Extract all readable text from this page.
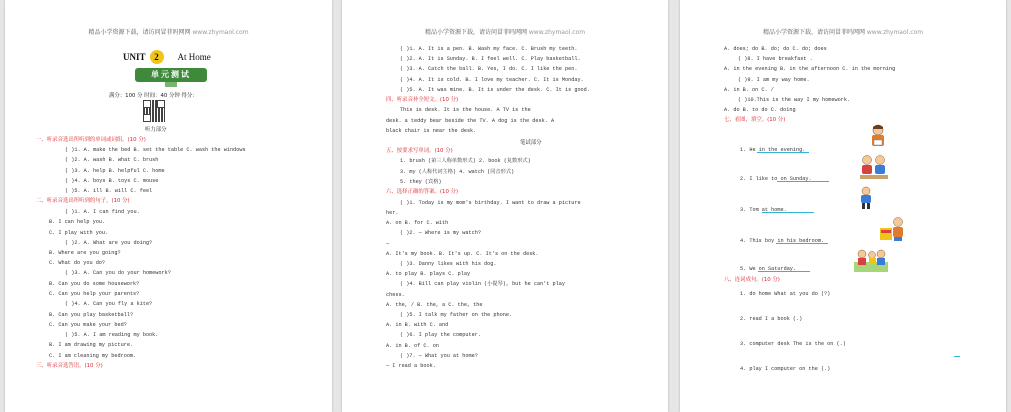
精品小学资源下载，请访问冒菲吗网网 www.zhymaol.com
UNIT 2 At Home
单元测试
满分：100 分 时间：40 分钟 得分：
听力部分
一、听录音选出所听到的单词或词组。(10 分)
( )1. A. make the bed B. set the table C. wash the windows
( )2. A. wash B. what C. brush
( )3. A. help B. helpful C. home
( )4. A. boys B. toys C. mouse
( )5. A. ill B. will C. feel
二、听录音选出所听到的句子。(10 分)
( )1. A. I can find you.
B. I can help you.
C. I play with you.
( )2. A. What are you doing?
B. Where are you going?
C. What do you do?
( )3. A. Can you do your homework?
B. Can you do some housework?
C. Can you help your parents?
( )4. A. Can you fly a kite?
B. Can you play basketball?
C. Can you make your bed?
( )5. A. I am reading my book.
B. I am drawing my picture.
C. I am cleaning my bedroom.
三、听录音选答语。(10 分)
精品小学资源下载，请访问冒菲吗网网 www.zhymaol.com
( )1. A. It is a pen. B. Wash my face. C. Brush my teeth.
( )2. A. It is Sunday. B. I feel well. C. Play basketball.
( )3. A. Catch the ball. B. Yes, I do. C. I like the pen.
( )4. A. It is cold. B. I love my teacher. C. It is Monday.
( )5. A. It was mine. B. It is under the desk. C. It is good.
四、听录音补全短文。(10 分)
This is desk. It is the house. A TV is the
desk. a teddy bear beside the TV. A dog is the desk. A
black chair is near the desk.
笔试部分
五、按要求写单词。(10 分)
1. brush (第三人称单数形式) 2. book (复数形式)
3. my (人称代词主格) 4. watch (同音形式)
5. they (宾格)
六、选择正确的答案。(10 分)
( )1. Today is my mom's birthday. I want to draw a picture
her.
A. on B. for C. with
( )2. — Where is my watch?
—
A. It's my book. B. It's up. C. It's on the desk.
( )3. Danny likes with his dog.
A. to play B. plays C. play
( )4. Bill can play violin (小提琴), but he can't play
chess.
A. the, / B. the, a C. the, the
( )5. I talk my father on the phone.
A. in B. with C. and
( )6. I play the computer.
A. in B. of C. on
( )7. — What you at home?
— I read a book.
精品小学资源下载，请访问冒菲吗网网 www.zhymaol.com
A. does; do B. do; do C. do; does
( )8. I have breakfast .
A. in the evening B. in the afternoon C. in the morning
( )9. I am my way home.
A. in B. on C. /
( )10.This is the way I my homework.
A. do B. to do C. doing
七、看图，填空。(10 分)
1. He in the evening.
2. I like to on Sunday.
3. Tom at home.
4. This boy in his bedroom.
5. We on Saturday.
八、连词成句。(10 分)
1. do home What at you do (?)
2. read I a book (.)
3. computer desk The is the on (.)
4. play I computer on the (.)
